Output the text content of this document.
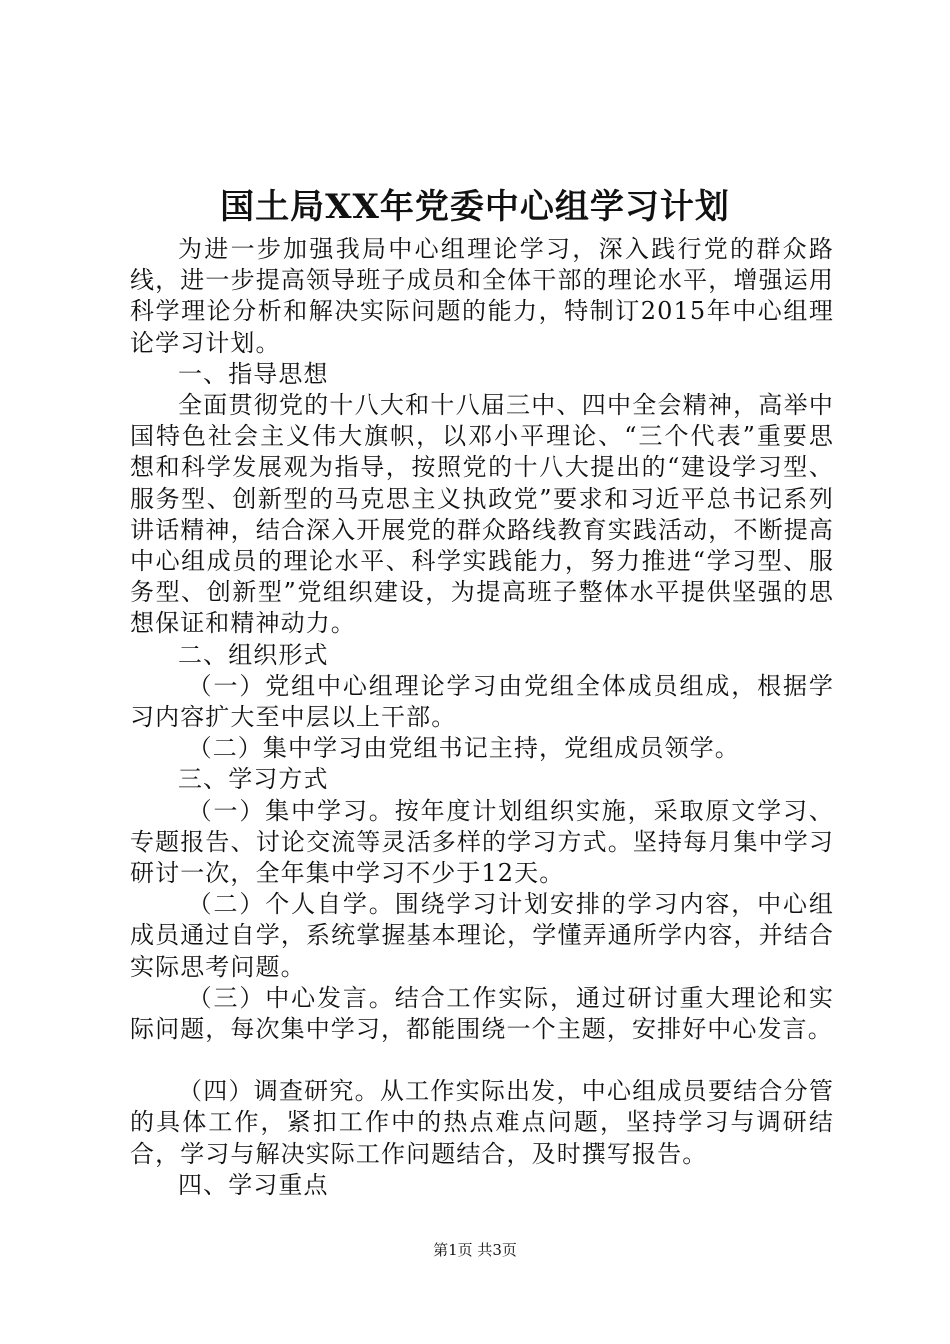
国土局XX年党委中心组学习计划

为进一步加强我局中心组理论学习，深入践行党的群众路线，进一步提高领导班子成员和全体干部的理论水平，增强运用科学理论分析和解决实际问题的能力，特制订2015年中心组理论学习计划。

一、指导思想

全面贯彻党的十八大和十八届三中、四中全会精神，高举中国特色社会主义伟大旗帜，以邓小平理论、“三个代表”重要思想和科学发展观为指导，按照党的十八大提出的“建设学习型、服务型、创新型的马克思主义执政党”要求和习近平总书记系列讲话精神，结合深入开展党的群众路线教育实践活动，不断提高中心组成员的理论水平、科学实践能力，努力推进“学习型、服务型、创新型”党组织建设，为提高班子整体水平提供坚强的思想保证和精神动力。

二、组织形式

（一）党组中心组理论学习由党组全体成员组成，根据学习内容扩大至中层以上干部。

（二）集中学习由党组书记主持，党组成员领学。

三、学习方式

（一）集中学习。按年度计划组织实施，采取原文学习、专题报告、讨论交流等灵活多样的学习方式。坚持每月集中学习研讨一次，全年集中学习不少于12天。

（二）个人自学。围绕学习计划安排的学习内容，中心组成员通过自学，系统掌握基本理论，学懂弄通所学内容，并结合实际思考问题。

（三）中心发言。结合工作实际，通过研讨重大理论和实际问题，每次集中学习，都能围绕一个主题，安排好中心发言。

（四）调查研究。从工作实际出发，中心组成员要结合分管的具体工作，紧扣工作中的热点难点问题，坚持学习与调研结合，学习与解决实际工作问题结合，及时撰写报告。

四、学习重点

第1页 共3页
